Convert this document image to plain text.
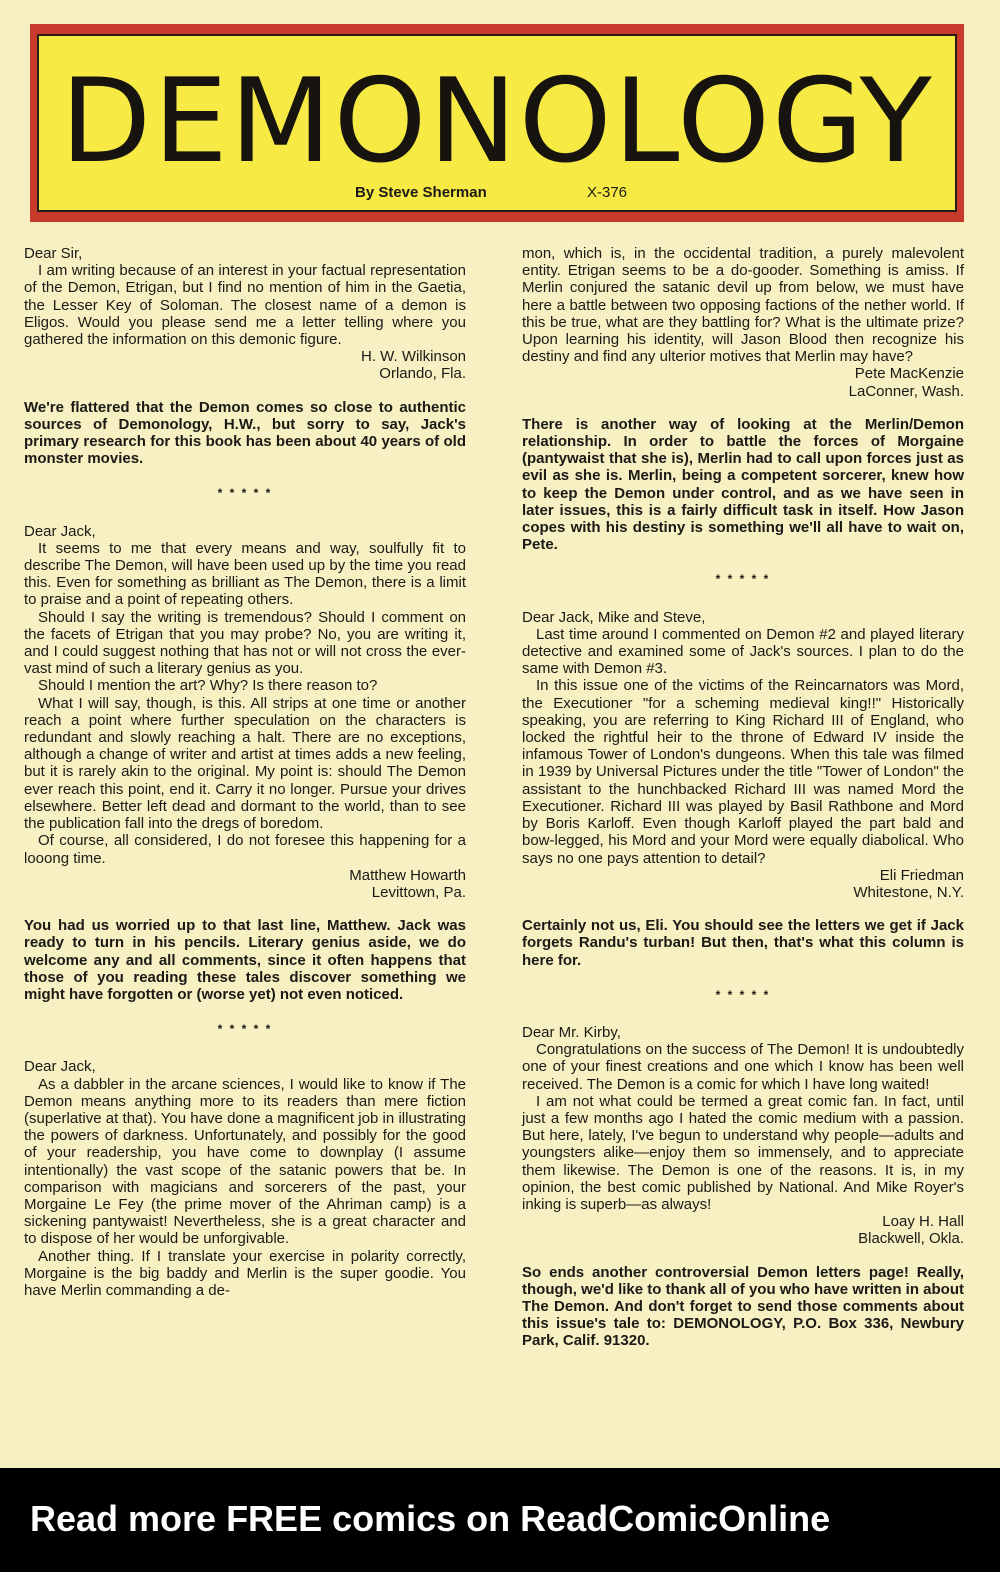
DEMONOLOGY
By Steve Sherman	X-376

Dear Sir,

I am writing because of an interest in your factual representation of the Demon, Etrigan, but I find no mention of him in the Gaetia, the Lesser Key of Soloman. The closest name of a demon is Eligos. Would you please send me a letter telling where you gathered the information on this demonic figure.

H. W. Wilkinson

Orlando, Fla.

We're flattered that the Demon comes so close to authentic sources of Demonology, H.W., but sorry to say, Jack's primary research for this book has been about 40 years of old monster movies.

* * * * *

Dear Jack,

It seems to me that every means and way, soulfully fit to describe The Demon, will have been used up by the time you read this. Even for something as brilliant as The Demon, there is a limit to praise and a point of repeating others.

Should I say the writing is tremendous? Should I comment on the facets of Etrigan that you may probe? No, you are writing it, and I could suggest nothing that has not or will not cross the ever-vast mind of such a literary genius as you.

Should I mention the art? Why? Is there reason to?

What I will say, though, is this. All strips at one time or another reach a point where further speculation on the characters is redundant and slowly reaching a halt. There are no exceptions, although a change of writer and artist at times adds a new feeling, but it is rarely akin to the original. My point is: should The Demon ever reach this point, end it. Carry it no longer. Pursue your drives elsewhere. Better left dead and dormant to the world, than to see the publication fall into the dregs of boredom.

Of course, all considered, I do not foresee this happening for a looong time.

Matthew Howarth

Levittown, Pa.

You had us worried up to that last line, Matthew. Jack was ready to turn in his pencils. Literary genius aside, we do welcome any and all comments, since it often happens that those of you reading these tales discover something we might have forgotten or (worse yet) not even noticed.

* * * * *

Dear Jack,

As a dabbler in the arcane sciences, I would like to know if The Demon means anything more to its readers than mere fiction (superlative at that). You have done a magnificent job in illustrating the powers of darkness. Unfortunately, and possibly for the good of your readership, you have come to downplay (I assume intentionally) the vast scope of the satanic powers that be. In comparison with magicians and sorcerers of the past, your Morgaine Le Fey (the prime mover of the Ahriman camp) is a sickening pantywaist! Nevertheless, she is a great character and to dispose of her would be unforgivable.

Another thing. If I translate your exercise in polarity correctly, Morgaine is the big baddy and Merlin is the super goodie. You have Merlin commanding a de-

mon, which is, in the occidental tradition, a purely malevolent entity. Etrigan seems to be a do-gooder. Something is amiss. If Merlin conjured the satanic devil up from below, we must have here a battle between two opposing factions of the nether world. If this be true, what are they battling for? What is the ultimate prize? Upon learning his identity, will Jason Blood then recognize his destiny and find any ulterior motives that Merlin may have?

Pete MacKenzie

LaConner, Wash.

There is another way of looking at the Merlin/Demon relationship. In order to battle the forces of Morgaine (pantywaist that she is), Merlin had to call upon forces just as evil as she is. Merlin, being a competent sorcerer, knew how to keep the Demon under control, and as we have seen in later issues, this is a fairly difficult task in itself. How Jason copes with his destiny is something we'll all have to wait on, Pete.

* * * * *

Dear Jack, Mike and Steve,

Last time around I commented on Demon #2 and played literary detective and examined some of Jack's sources. I plan to do the same with Demon #3.

In this issue one of the victims of the Reincarnators was Mord, the Executioner "for a scheming medieval king!!" Historically speaking, you are referring to King Richard III of England, who locked the rightful heir to the throne of Edward IV inside the infamous Tower of London's dungeons. When this tale was filmed in 1939 by Universal Pictures under the title "Tower of London" the assistant to the hunchbacked Richard III was named Mord the Executioner. Richard III was played by Basil Rathbone and Mord by Boris Karloff. Even though Karloff played the part bald and bow-legged, his Mord and your Mord were equally diabolical. Who says no one pays attention to detail?

Eli Friedman

Whitestone, N.Y.

Certainly not us, Eli. You should see the letters we get if Jack forgets Randu's turban! But then, that's what this column is here for.

* * * * *

Dear Mr. Kirby,

Congratulations on the success of The Demon! It is undoubtedly one of your finest creations and one which I know has been well received. The Demon is a comic for which I have long waited!

I am not what could be termed a great comic fan. In fact, until just a few months ago I hated the comic medium with a passion. But here, lately, I've begun to understand why people—adults and youngsters alike—enjoy them so immensely, and to appreciate them likewise. The Demon is one of the reasons. It is, in my opinion, the best comic published by National. And Mike Royer's inking is superb—as always!

Loay H. Hall

Blackwell, Okla.

So ends another controversial Demon letters page! Really, though, we'd like to thank all of you who have written in about The Demon. And don't forget to send those comments about this issue's tale to: DEMONOLOGY, P.O. Box 336, Newbury Park, Calif. 91320.

Read more FREE comics on ReadComicOnline
